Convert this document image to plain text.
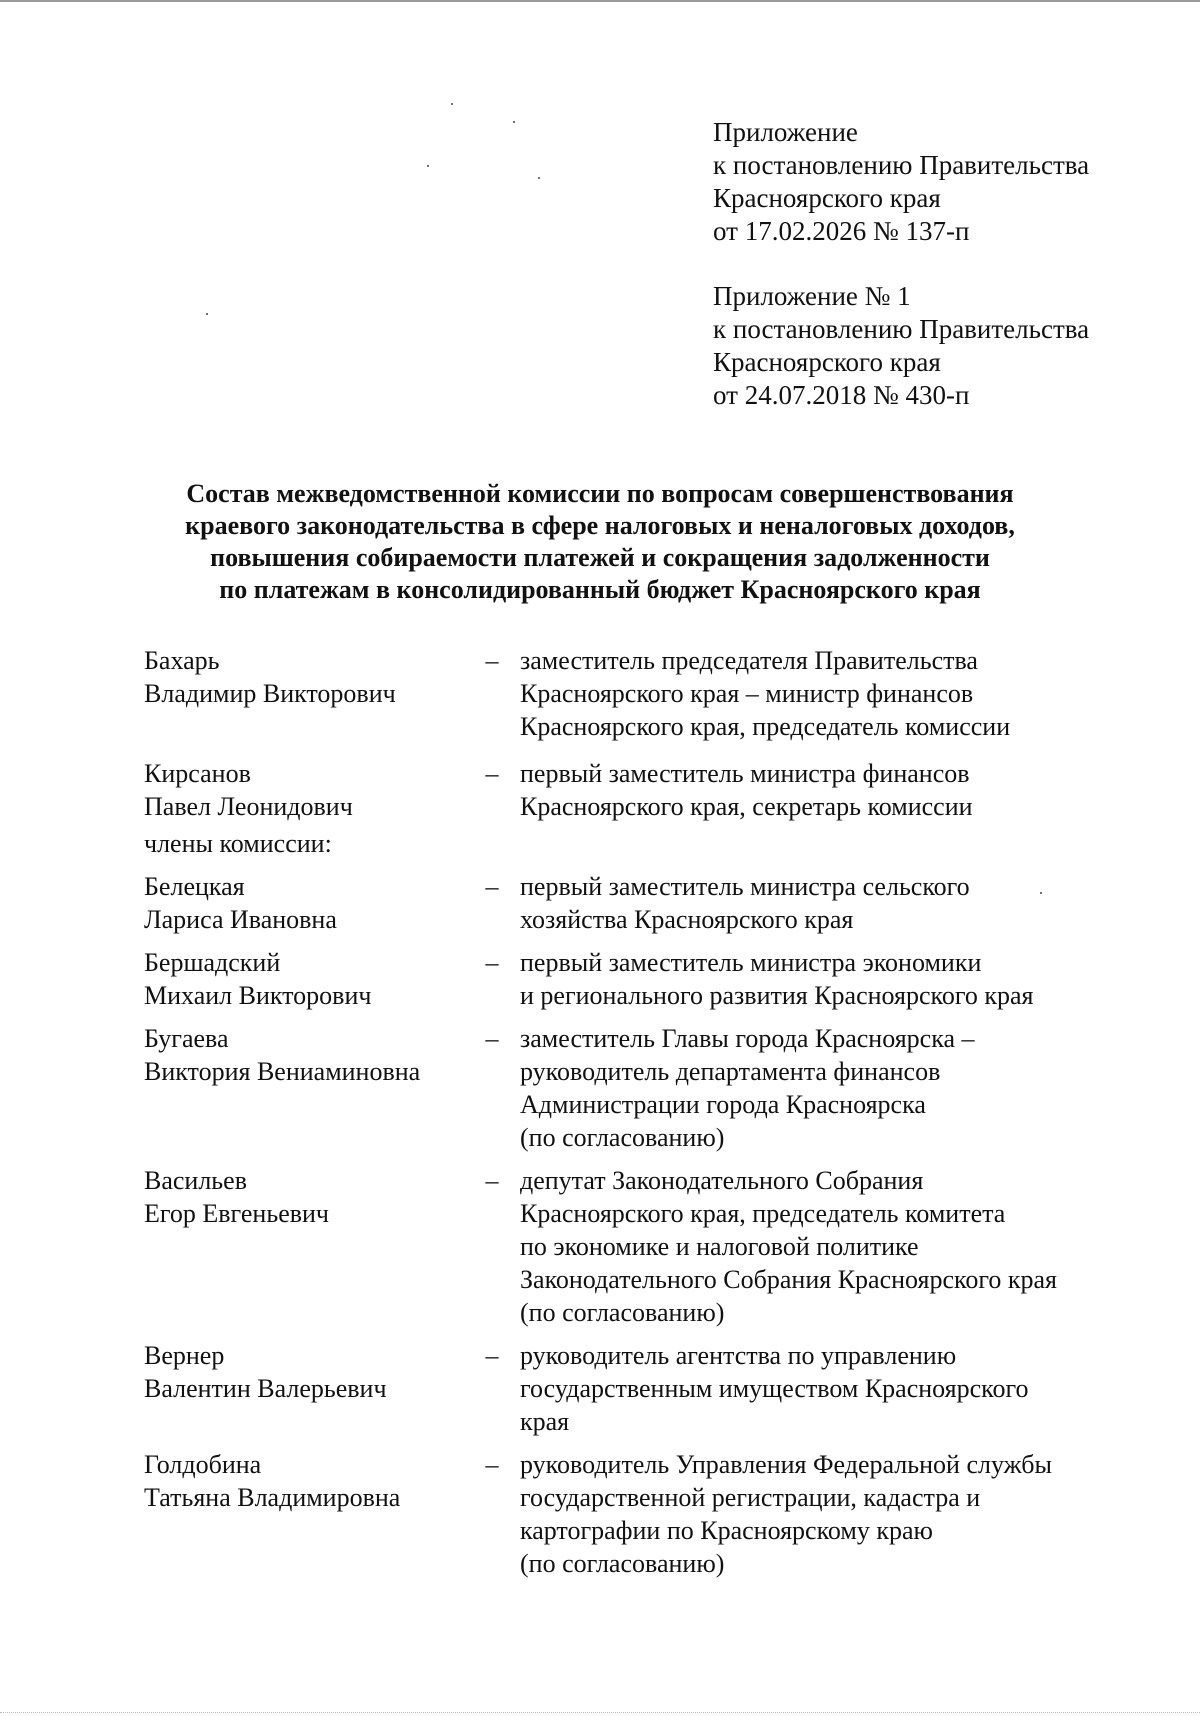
Приложение
к постановлению Правительства
Красноярского края
от 17.02.2026 № 137-п
Приложение № 1
к постановлению Правительства
Красноярского края
от 24.07.2018 № 430-п
Состав межведомственной комиссии по вопросам совершенствования
краевого законодательства в сфере налоговых и неналоговых доходов,
повышения собираемости платежей и сокращения задолженности
по платежам в консолидированный бюджет Красноярского края
Бахарь
Владимир Викторович
– заместитель председателя Правительства
Красноярского края – министр финансов
Красноярского края, председатель комиссии
Кирсанов
Павел Леонидович
– первый заместитель министра финансов
Красноярского края, секретарь комиссии
члены комиссии:
Белецкая
Лариса Ивановна
– первый заместитель министра сельского
хозяйства Красноярского края
Бершадский
Михаил Викторович
– первый заместитель министра экономики
и регионального развития Красноярского края
Бугаева
Виктория Вениаминовна
– заместитель Главы города Красноярска –
руководитель департамента финансов
Администрации города Красноярска
(по согласованию)
Васильев
Егор Евгеньевич
– депутат Законодательного Собрания
Красноярского края, председатель комитета
по экономике и налоговой политике
Законодательного Собрания Красноярского края
(по согласованию)
Вернер
Валентин Валерьевич
– руководитель агентства по управлению
государственным имуществом Красноярского
края
Голдобина
Татьяна Владимировна
– руководитель Управления Федеральной службы
государственной регистрации, кадастра и
картографии по Красноярскому краю
(по согласованию)
